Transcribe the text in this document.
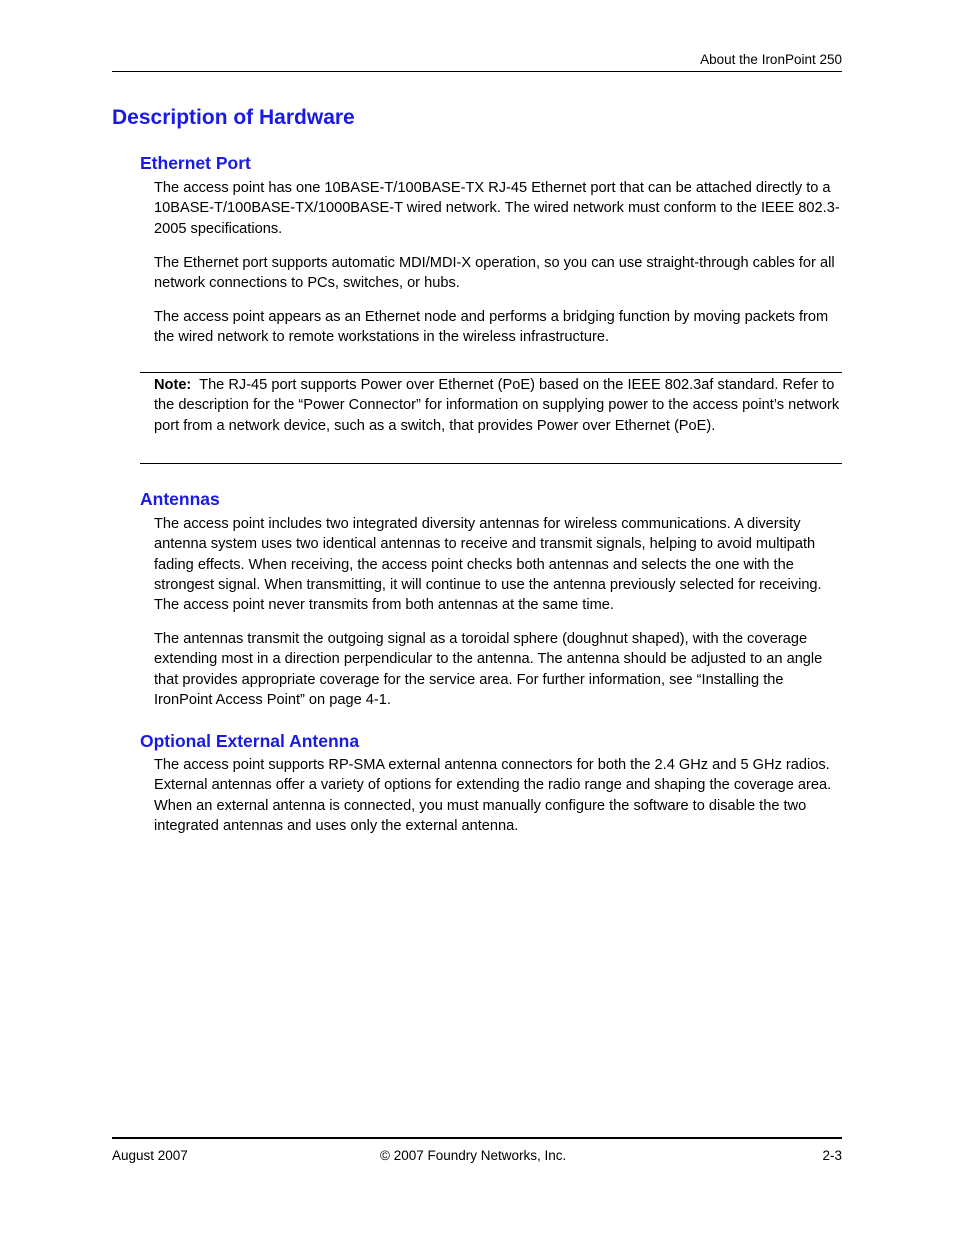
About the IronPoint 250
Description of Hardware
Ethernet Port

The access point has one 10BASE-T/100BASE-TX RJ-45 Ethernet port that can be attached directly to a 10BASE-T/100BASE-TX/1000BASE-T wired network. The wired network must conform to the IEEE 802.3-2005 specifications.

The Ethernet port supports automatic MDI/MDI-X operation, so you can use straight-through cables for all network connections to PCs, switches, or hubs.

The access point appears as an Ethernet node and performs a bridging function by moving packets from the wired network to remote workstations in the wireless infrastructure.

Note: The RJ-45 port supports Power over Ethernet (PoE) based on the IEEE 802.3af standard. Refer to the description for the “Power Connector” for information on supplying power to the access point’s network port from a network device, such as a switch, that provides Power over Ethernet (PoE).

Antennas

The access point includes two integrated diversity antennas for wireless communications. A diversity antenna system uses two identical antennas to receive and transmit signals, helping to avoid multipath fading effects. When receiving, the access point checks both antennas and selects the one with the strongest signal. When transmitting, it will continue to use the antenna previously selected for receiving. The access point never transmits from both antennas at the same time.

The antennas transmit the outgoing signal as a toroidal sphere (doughnut shaped), with the coverage extending most in a direction perpendicular to the antenna. The antenna should be adjusted to an angle that provides appropriate coverage for the service area. For further information, see “Installing the IronPoint Access Point” on page 4-1.

Optional External Antenna

The access point supports RP-SMA external antenna connectors for both the 2.4 GHz and 5 GHz radios. External antennas offer a variety of options for extending the radio range and shaping the coverage area. When an external antenna is connected, you must manually configure the software to disable the two integrated antennas and uses only the external antenna.

August 2007	© 2007 Foundry Networks, Inc.	2-3
